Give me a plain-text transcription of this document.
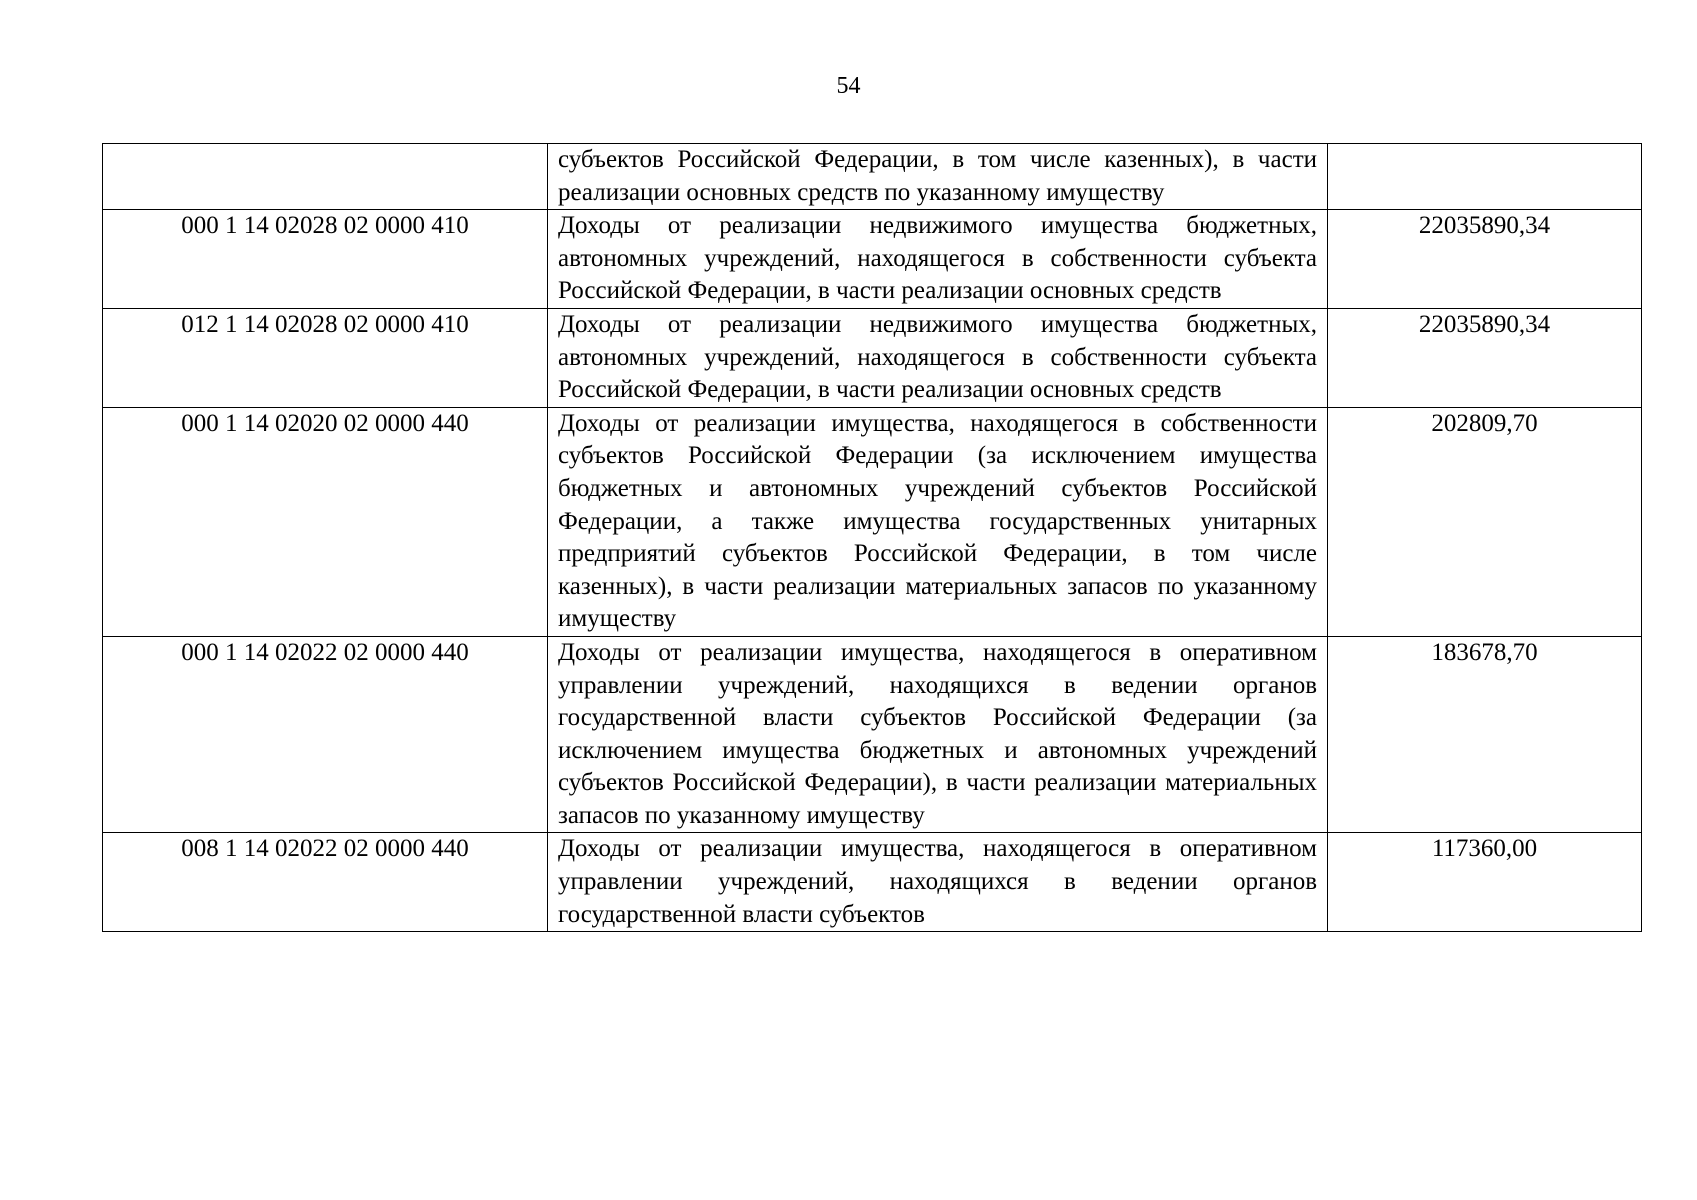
54

	субъектов Российской Федерации, в том числе казенных), в части реализации основных средств по указанному имуществу	

000 1 14 02028 02 0000 410	Доходы от реализации недвижимого имущества бюджетных, автономных учреждений, находящегося в собственности субъекта Российской Федерации, в части реализации основных средств	22035890,34
012 1 14 02028 02 0000 410	Доходы от реализации недвижимого имущества бюджетных, автономных учреждений, находящегося в собственности субъекта Российской Федерации, в части реализации основных средств	22035890,34
000 1 14 02020 02 0000 440	Доходы от реализации имущества, находящегося в собственности субъектов Российской Федерации (за исключением имущества бюджетных и автономных учреждений субъектов Российской Федерации, а также имущества государственных унитарных предприятий субъектов Российской Федерации, в том числе казенных), в части реализации материальных запасов по указанному имуществу	202809,70
000 1 14 02022 02 0000 440	Доходы от реализации имущества, находящегося в оперативном управлении учреждений, находящихся в ведении органов государственной власти субъектов Российской Федерации (за исключением имущества бюджетных и автономных учреждений субъектов Российской Федерации), в части реализации материальных запасов по указанному имуществу	183678,70
008 1 14 02022 02 0000 440	Доходы от реализации имущества, находящегося в оперативном управлении учреждений, находящихся в ведении органов государственной власти субъектов	117360,00
